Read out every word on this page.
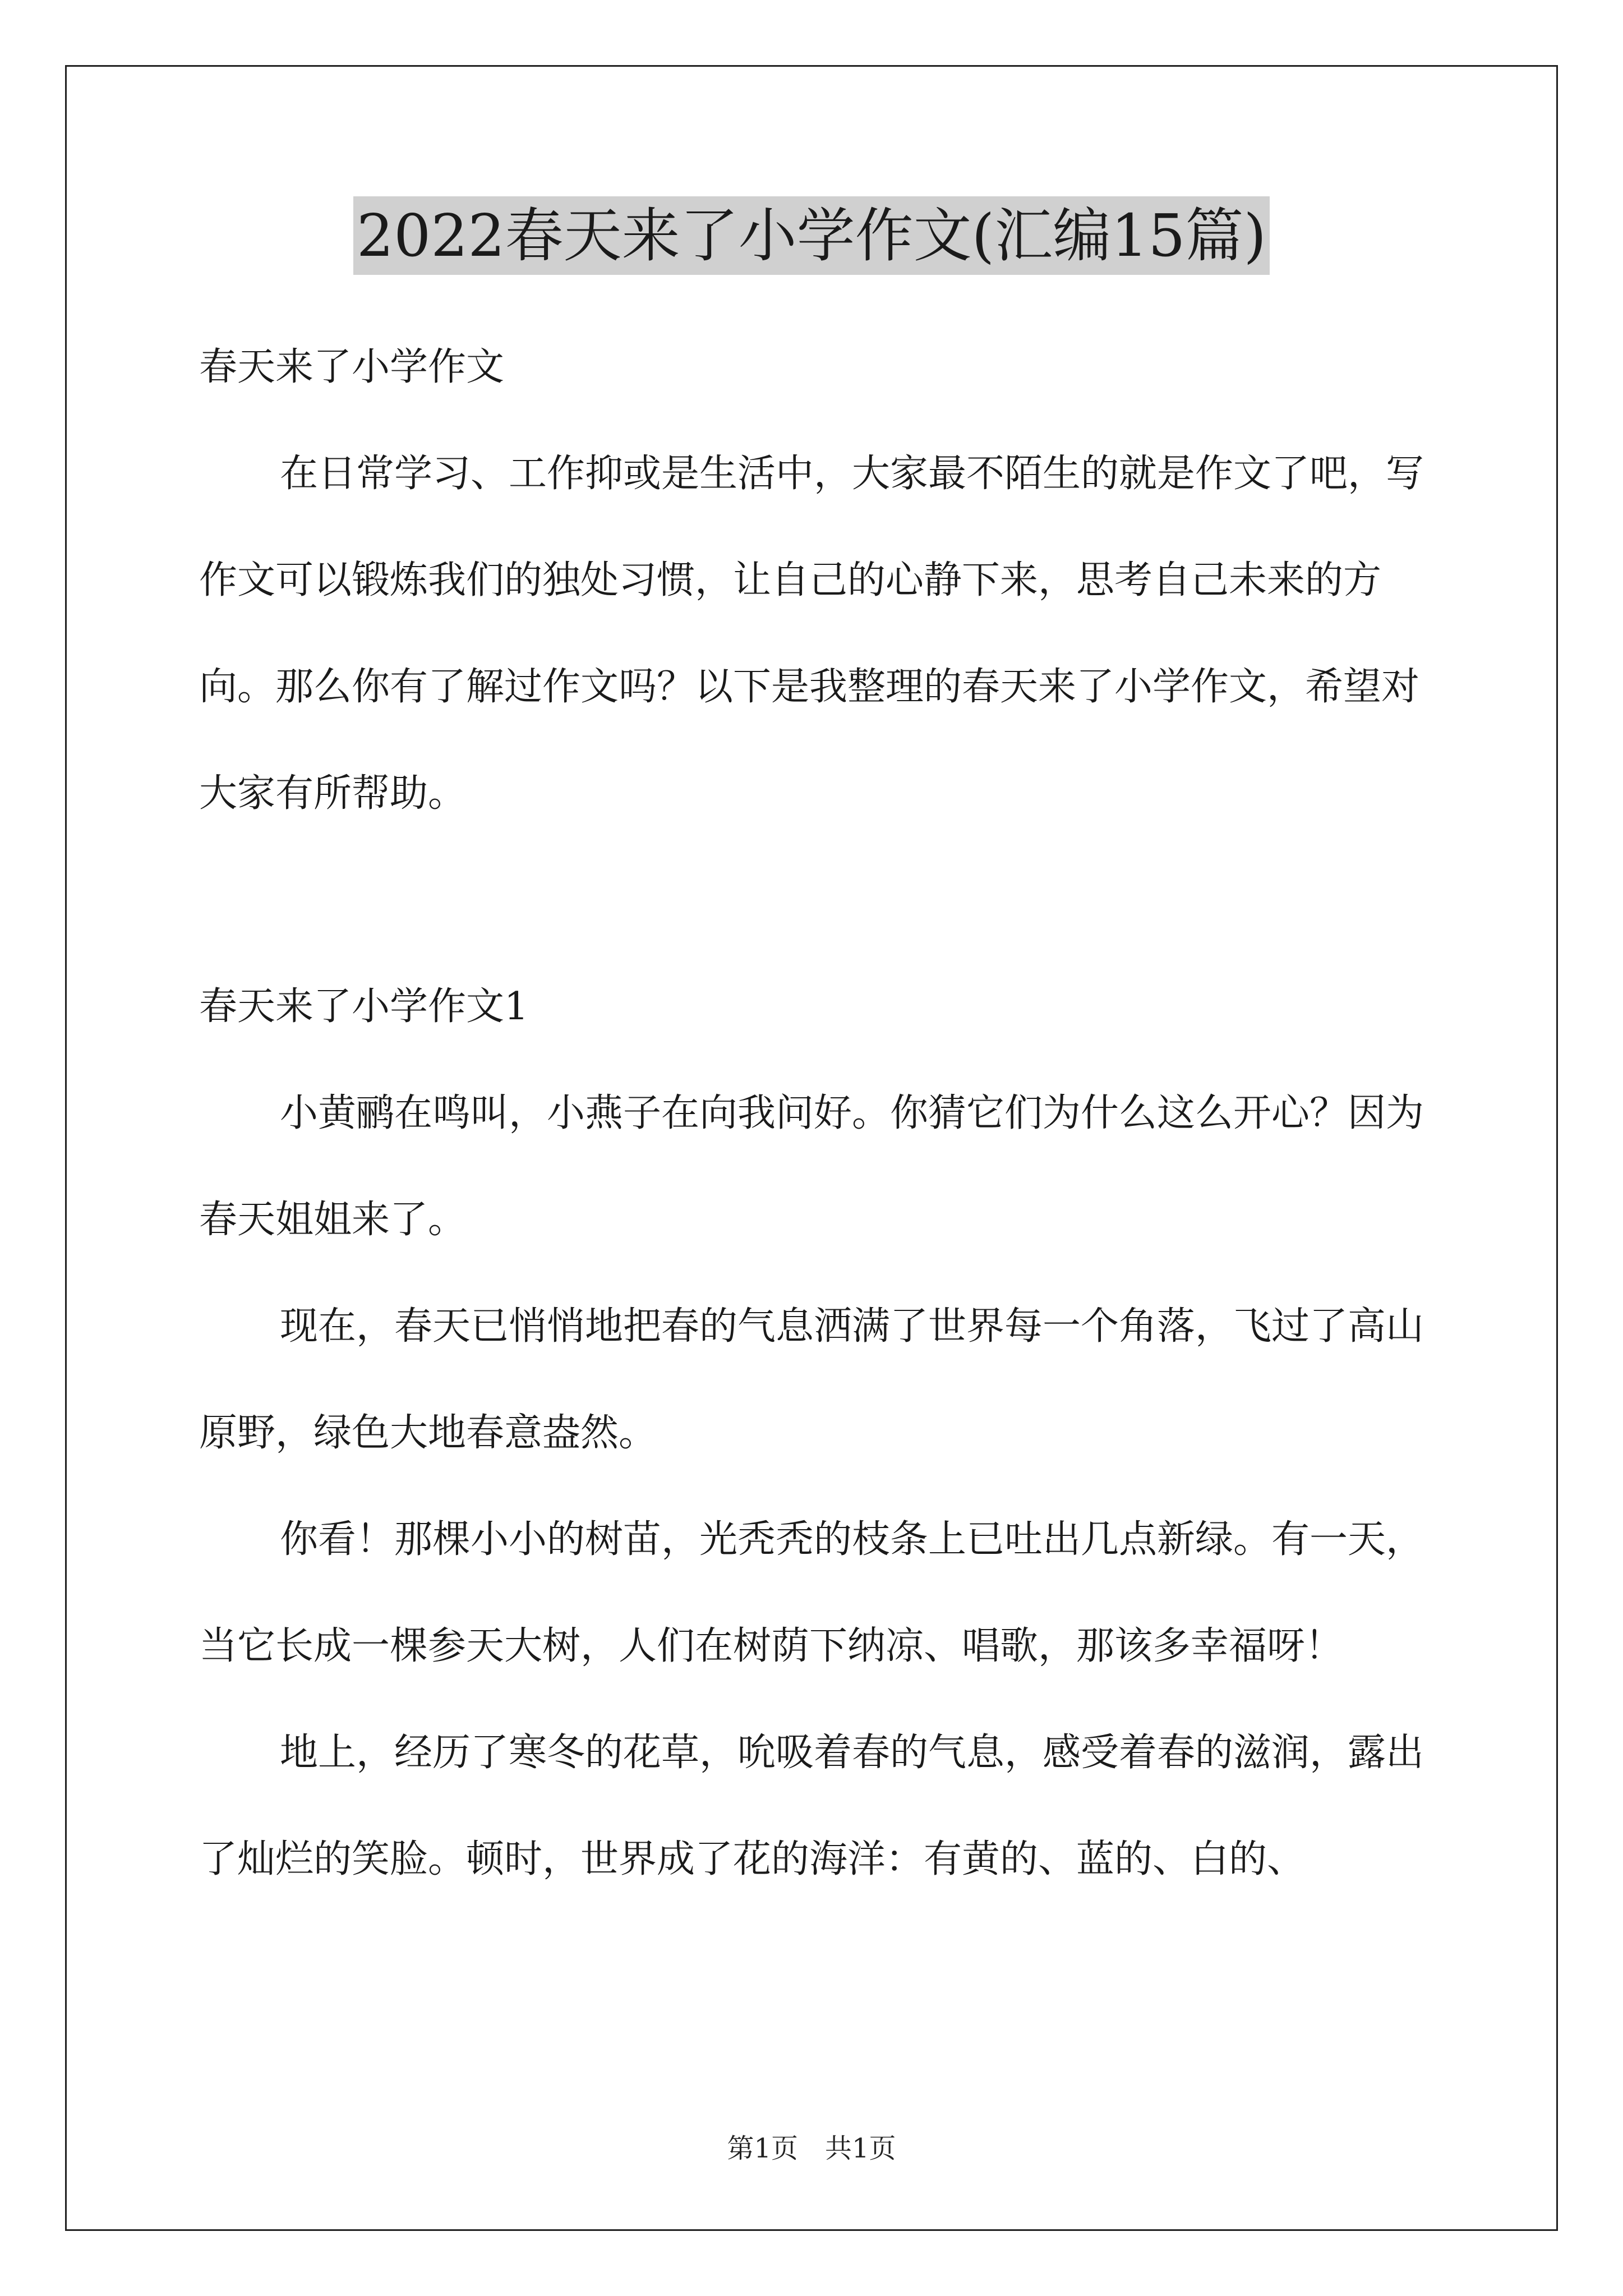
2022春天来了小学作文(汇编15篇)

春天来了小学作文

在日常学习、工作抑或是生活中，大家最不陌生的就是作文了吧，写作文可以锻炼我们的独处习惯，让自己的心静下来，思考自己未来的方向。那么你有了解过作文吗？以下是我整理的春天来了小学作文，希望对大家有所帮助。

春天来了小学作文1

小黄鹂在鸣叫，小燕子在向我问好。你猜它们为什么这么开心？因为春天姐姐来了。

现在，春天已悄悄地把春的气息洒满了世界每一个角落，飞过了高山原野，绿色大地春意盎然。

你看！那棵小小的树苗，光秃秃的枝条上已吐出几点新绿。有一天，当它长成一棵参天大树，人们在树荫下纳凉、唱歌，那该多幸福呀！

地上，经历了寒冬的花草，吮吸着春的气息，感受着春的滋润，露出了灿烂的笑脸。顿时，世界成了花的海洋：有黄的、蓝的、白的、

第1页 共1页
